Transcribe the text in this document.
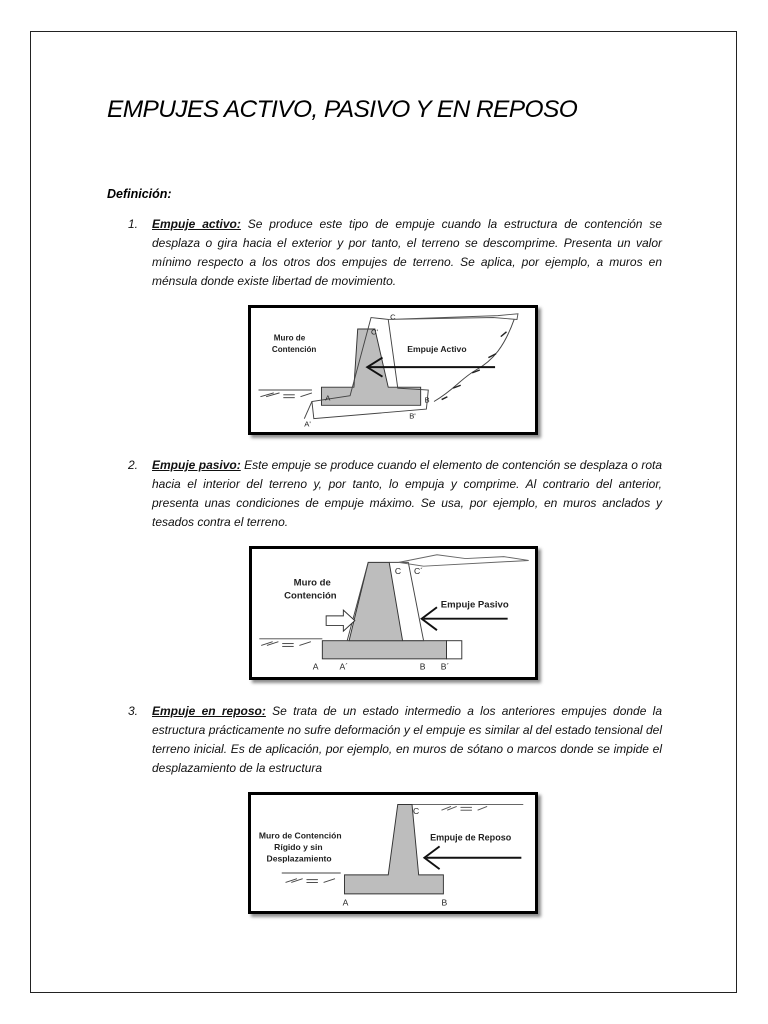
EMPUJES ACTIVO, PASIVO Y EN REPOSO
Definición:
1. Empuje activo: Se produce este tipo de empuje cuando la estructura de contención se desplaza o gira hacia el exterior y por tanto, el terreno se descomprime. Presenta un valor mínimo respecto a los otros dos empujes de terreno. Se aplica, por ejemplo, a muros en ménsula donde existe libertad de movimiento.
Muro de
Contención	Empuje Activo
C
C'
A	B
A'
B'
2. Empuje pasivo: Este empuje se produce cuando el elemento de contención se desplaza o rota hacia el interior del terreno y, por tanto, lo empuja y comprime. Al contrario del anterior, presenta unas condiciones de empuje máximo. Se usa, por ejemplo, en muros anclados y tesados contra el terreno.
Muro de
Contención
Empuje Pasivo
C C´
A A´	B B´
3. Empuje en reposo: Se trata de un estado intermedio a los anteriores empujes donde la estructura prácticamente no sufre deformación y el empuje es similar al del estado tensional del terreno inicial. Es de aplicación, por ejemplo, en muros de sótano o marcos donde se impide el desplazamiento de la estructura
Muro de Contención
Rígido y sin
Desplazamiento
Empuje de Reposo
C
A	B
